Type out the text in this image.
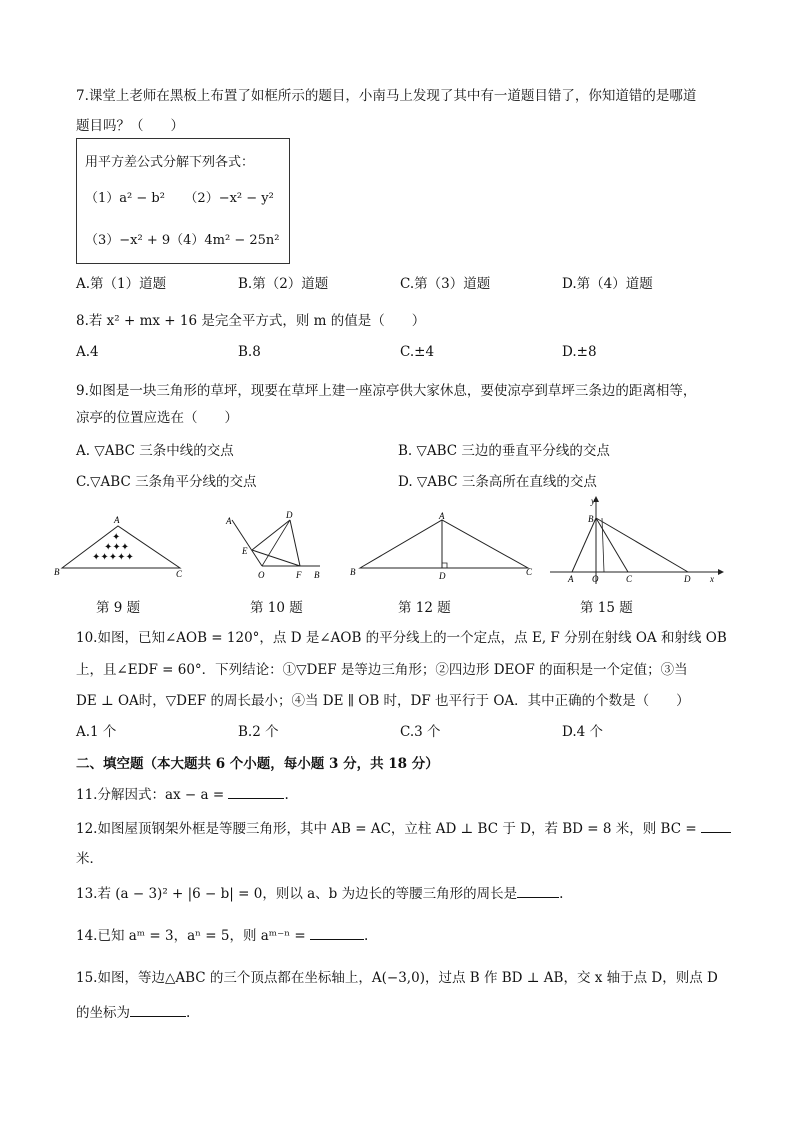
7.课堂上老师在黑板上布置了如框所示的题目，小南马上发现了其中有一道题目错了，你知道错的是哪道
题目吗？（　　）
用平方差公式分解下列各式：
（1）a² − b²　　（2）−x² − y²
（3）−x² + 9（4）4m² − 25n²
A.第（1）道题	B.第（2）道题	C.第（3）道题	D.第（4）道题
8.若 x² + mx + 16 是完全平方式，则 m 的值是（　　）
A.4	B.8	C.±4	D.±8
9.如图是一块三角形的草坪，现要在草坪上建一座凉亭供大家休息，要使凉亭到草坪三条边的距离相等，
凉亭的位置应选在（　　）
A. ▽ABC 三条中线的交点	B. ▽ABC 三边的垂直平分线的交点
C.▽ABC 三条角平分线的交点	D. ▽ABC 三条高所在直线的交点
✦✦✦✦✦
✦✦✦
✦
A
B	C
第 9 题
A
D
E
O	F B
第 10 题
A
B	D	C
第 12 题
y
B
A O	C	D x
第 15 题
10.如图，已知∠AOB = 120°，点 D 是∠AOB 的平分线上的一个定点，点 E, F 分别在射线 OA 和射线 OB
上，且∠EDF = 60°．下列结论：①▽DEF 是等边三角形；②四边形 DEOF 的面积是一个定值；③当
DE ⊥ OA时，▽DEF 的周长最小；④当 DE ∥ OB 时，DF 也平行于 OA．其中正确的个数是（　　）
A.1 个	B.2 个	C.3 个	D.4 个
二、填空题（本大题共 6 个小题，每小题 3 分，共 18 分）
11.分解因式：ax − a =	.
12.如图屋顶钢架外框是等腰三角形，其中 AB = AC，立柱 AD ⊥ BC 于 D，若 BD = 8 米，则 BC =
米．
13.若 (a − 3)² + |6 − b| = 0，则以 a、b 为边长的等腰三角形的周长是	.
14.已知 aᵐ = 3，aⁿ = 5，则 aᵐ⁻ⁿ =	.
15.如图，等边△ABC 的三个顶点都在坐标轴上，A(−3,0)，过点 B 作 BD ⊥ AB，交 x 轴于点 D，则点 D
的坐标为	.
